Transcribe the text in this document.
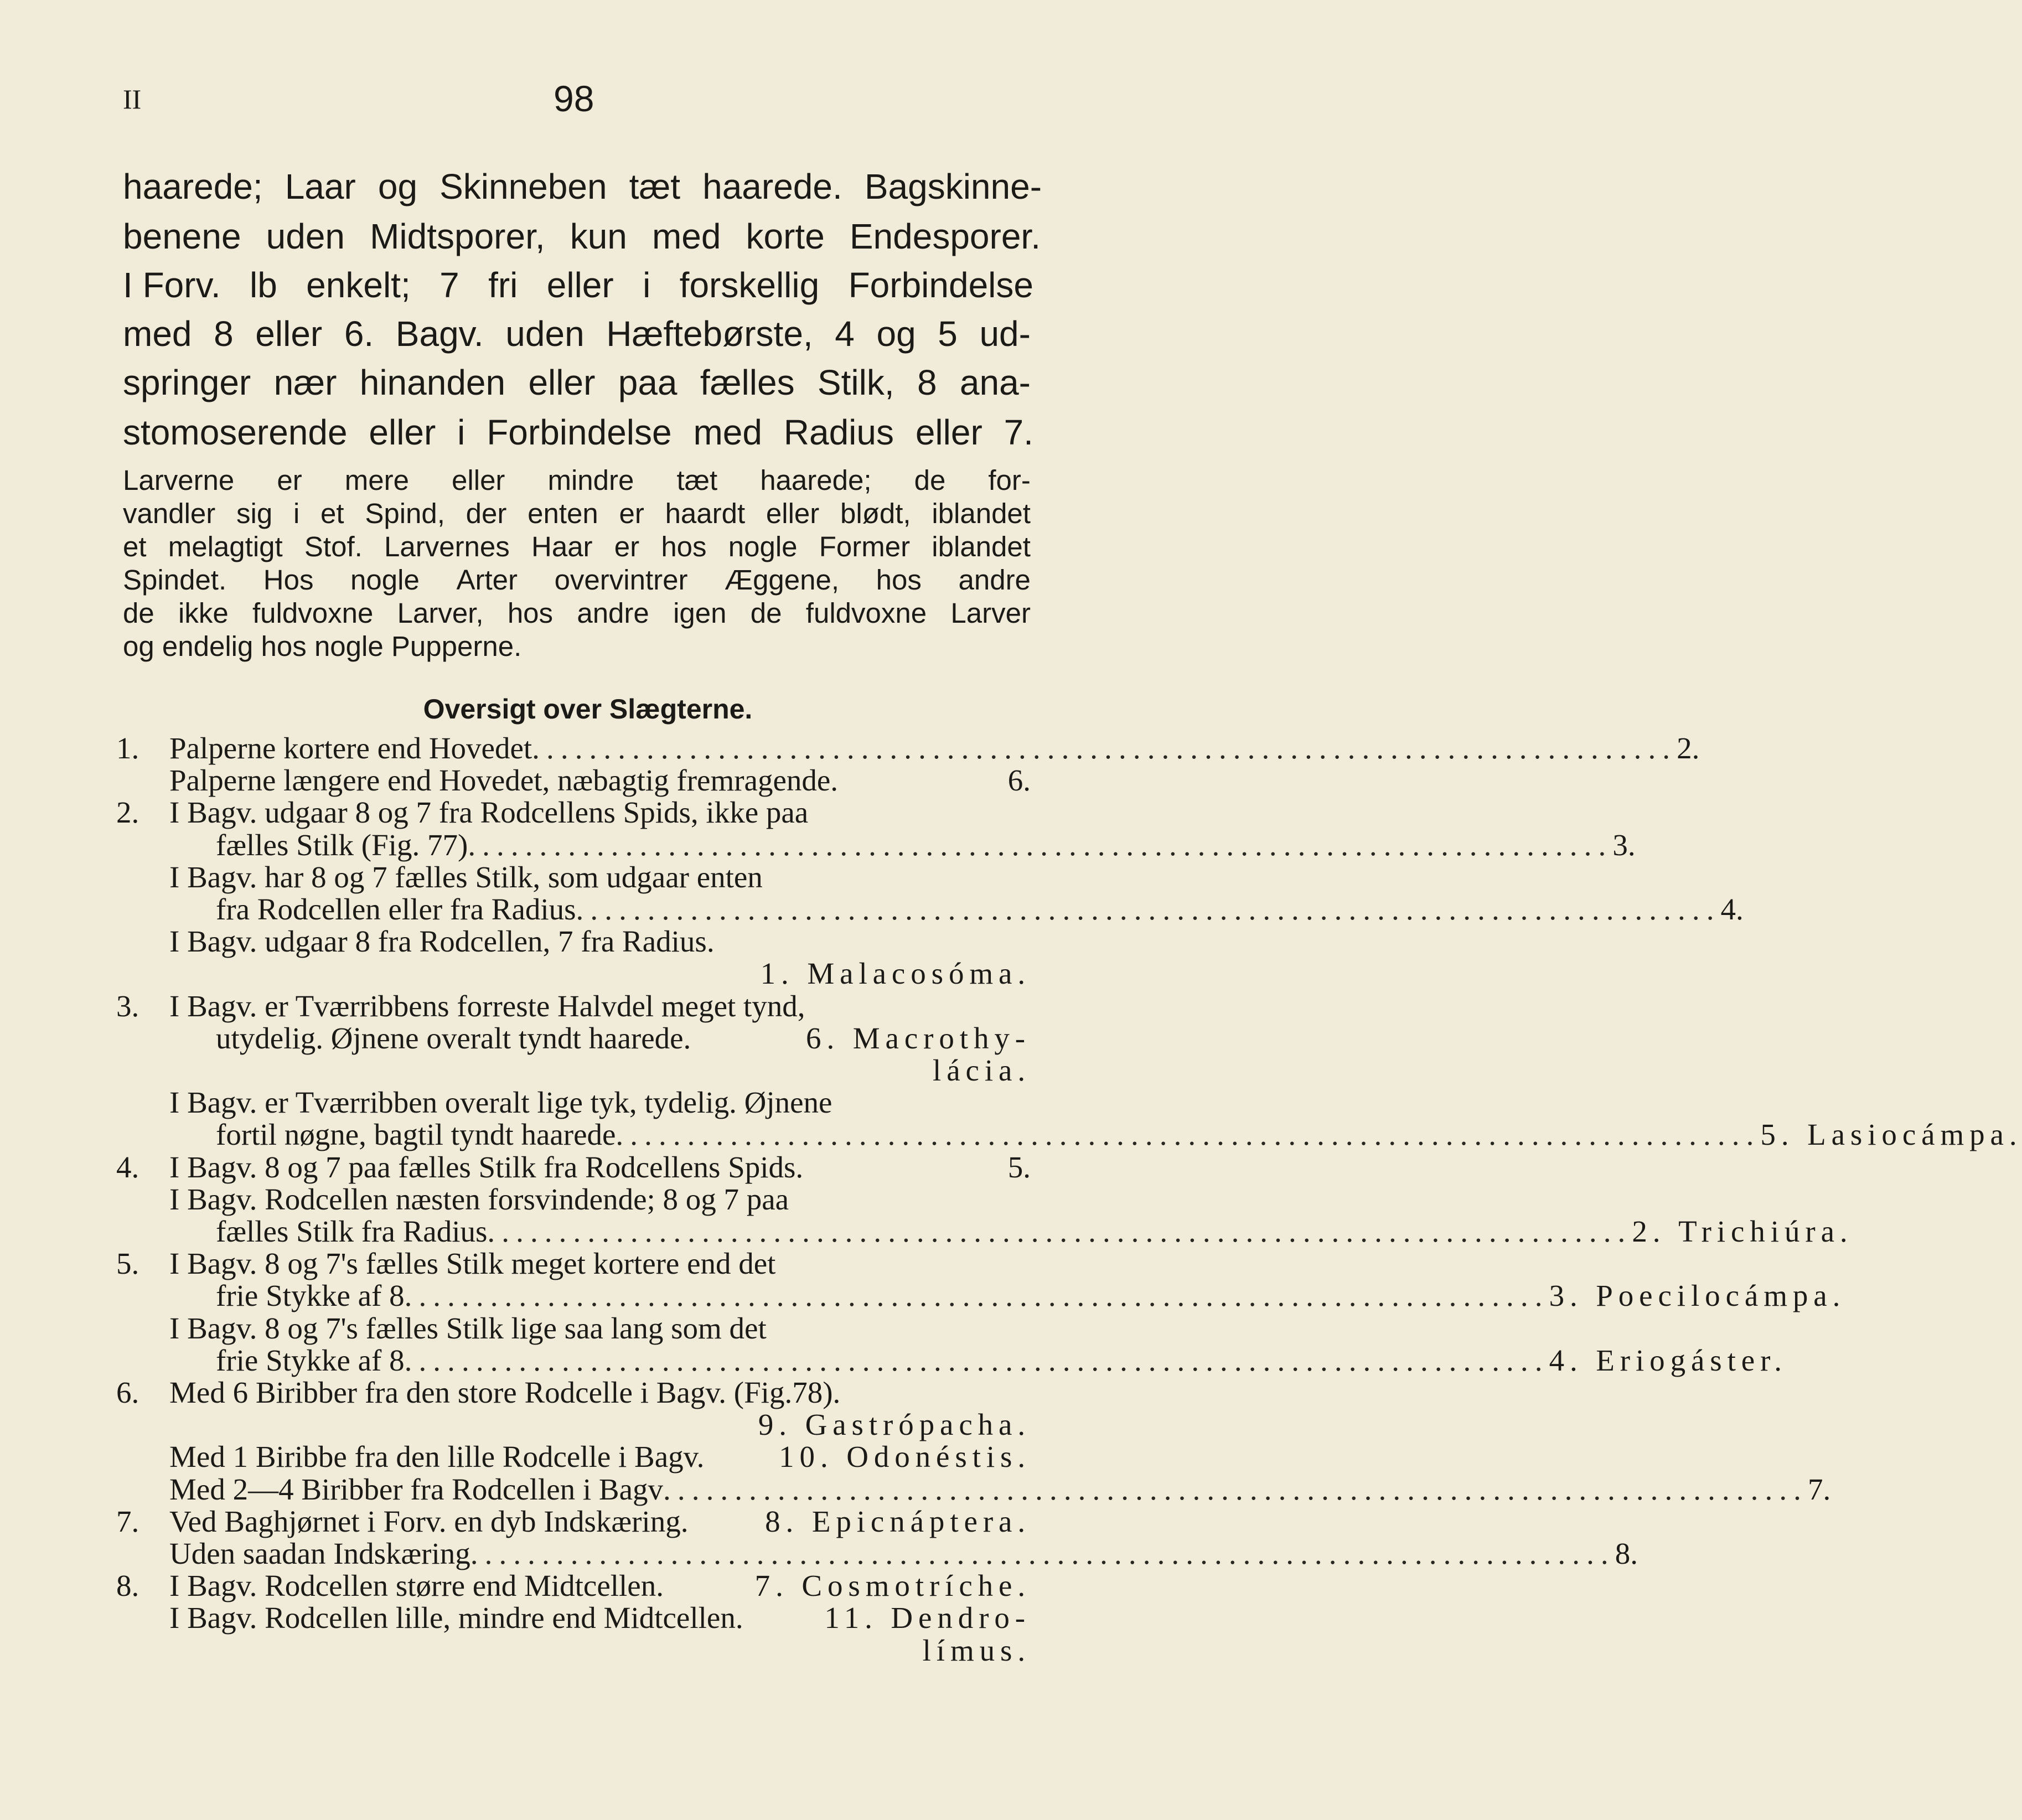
II	98
haarede; Laar og Skinneben tæt haarede. Bagskinne-
benene uden Midtsporer, kun med korte Endesporer.
I Forv. lb enkelt; 7 fri eller i forskellig Forbindelse
med 8 eller 6. Bagv. uden Hæftebørste, 4 og 5 ud-
springer nær hinanden eller paa fælles Stilk, 8 ana-
stomoserende eller i Forbindelse med Radius eller 7.
Larverne er mere eller mindre tæt haarede; de for-
vandler sig i et Spind, der enten er haardt eller blødt, iblandet
et melagtigt Stof. Larvernes Haar er hos nogle Former iblandet
Spindet. Hos nogle Arter overvintrer Æggene, hos andre
de ikke fuldvoxne Larver, hos andre igen de fuldvoxne Larver
og endelig hos nogle Pupperne.
Oversigt over Slægterne.
1. Palperne kortere end Hovedet ................................................................................ 2.
Palperne længere end Hovedet, næbagtig fremragende.	6.
2. I Bagv. udgaar 8 og 7 fra Rodcellens Spids, ikke paa
fælles Stilk (Fig. 77) ................................................................................ 3.
I Bagv. har 8 og 7 fælles Stilk, som udgaar enten
fra Rodcellen eller fra Radius ................................................................................ 4.
I Bagv. udgaar 8 fra Rodcellen, 7 fra Radius.
1. Malacosóma.
3. I Bagv. er Tværribbens forreste Halvdel meget tynd,
utydelig. Øjnene overalt tyndt haarede.	6. Macrothy-
lácia.
I Bagv. er Tværribben overalt lige tyk, tydelig. Øjnene
fortil nøgne, bagtil tyndt haarede ................................................................................ 5. Lasiocámpa.
4. I Bagv. 8 og 7 paa fælles Stilk fra Rodcellens Spids.	5.
I Bagv. Rodcellen næsten forsvindende; 8 og 7 paa
fælles Stilk fra Radius ................................................................................ 2. Trichiúra.
5. I Bagv. 8 og 7's fælles Stilk meget kortere end det
frie Stykke af 8 ................................................................................ 3. Poecilocámpa.
I Bagv. 8 og 7's fælles Stilk lige saa lang som det
frie Stykke af 8 ................................................................................ 4. Eriogáster.
6. Med 6 Biribber fra den store Rodcelle i Bagv. (Fig.78).
9. Gastrópacha.
Med 1 Biribbe fra den lille Rodcelle i Bagv. 10. Odonéstis.
Med 2—4 Biribber fra Rodcellen i Bagv ................................................................................ 7.
7. Ved Baghjørnet i Forv. en dyb Indskæring.	8. Epicnáptera.
Uden saadan Indskæring ................................................................................ 8.
8. I Bagv. Rodcellen større end Midtcellen.	7. Cosmotríche.
I Bagv. Rodcellen lille, mindre end Midtcellen.	11. Dendro-
límus.
